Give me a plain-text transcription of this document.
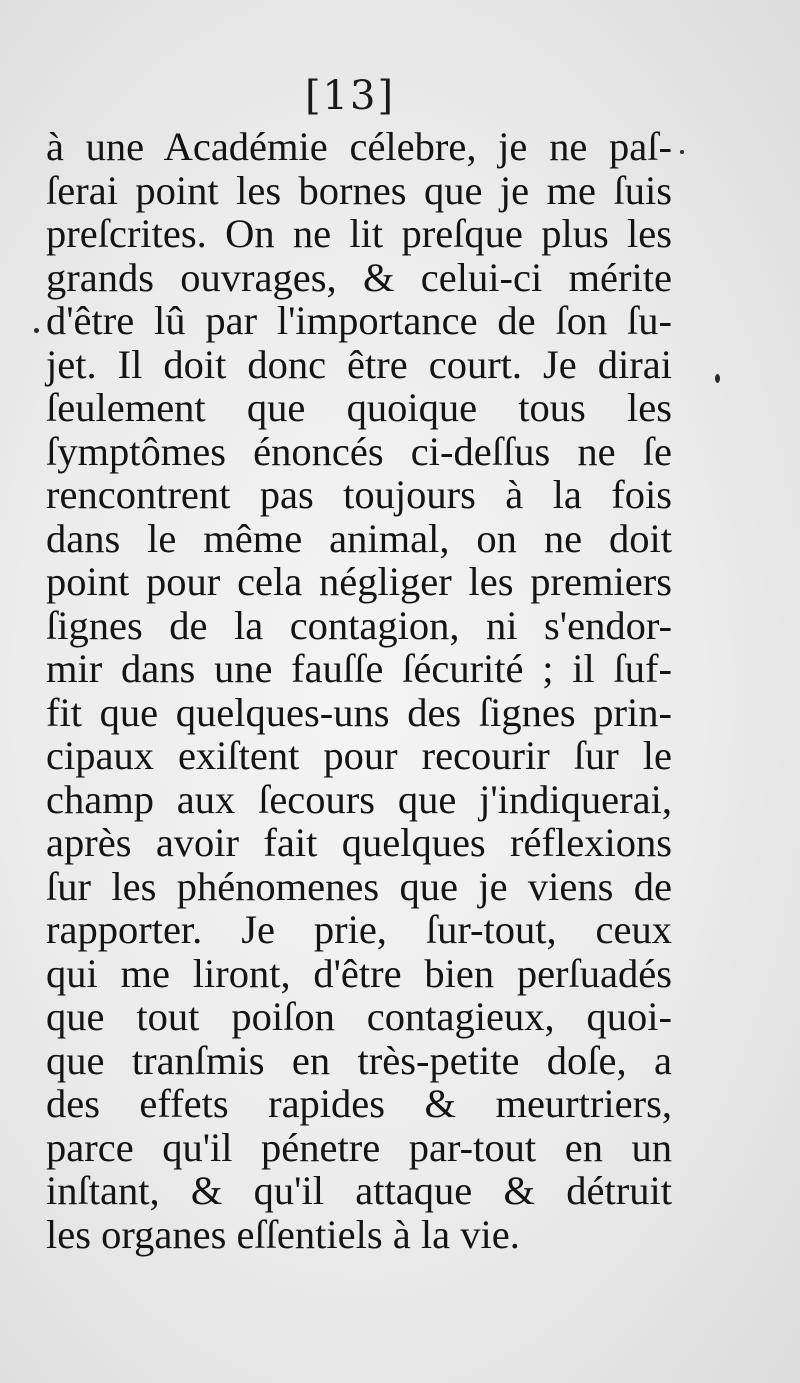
[13]
à une Académie célebre, je ne paſ-
ſerai point les bornes que je me ſuis
preſcrites. On ne lit preſque plus les
grands ouvrages, & celui-ci mérite
d'être lû par l'importance de ſon ſu-
jet. Il doit donc être court. Je dirai
ſeulement que quoique tous les
ſymptômes énoncés ci-deſſus ne ſe
rencontrent pas toujours à la fois
dans le même animal, on ne doit
point pour cela négliger les premiers
ſignes de la contagion, ni s'endor-
mir dans une fauſſe ſécurité ; il ſuf-
fit que quelques-uns des ſignes prin-
cipaux exiſtent pour recourir ſur le
champ aux ſecours que j'indiquerai,
après avoir fait quelques réflexions
ſur les phénomenes que je viens de
rapporter. Je prie, ſur-tout, ceux
qui me liront, d'être bien perſuadés
que tout poiſon contagieux, quoi-
que tranſmis en très-petite doſe, a
des effets rapides & meurtriers,
parce qu'il pénetre par-tout en un
inſtant, & qu'il attaque & détruit
les organes eſſentiels à la vie.
